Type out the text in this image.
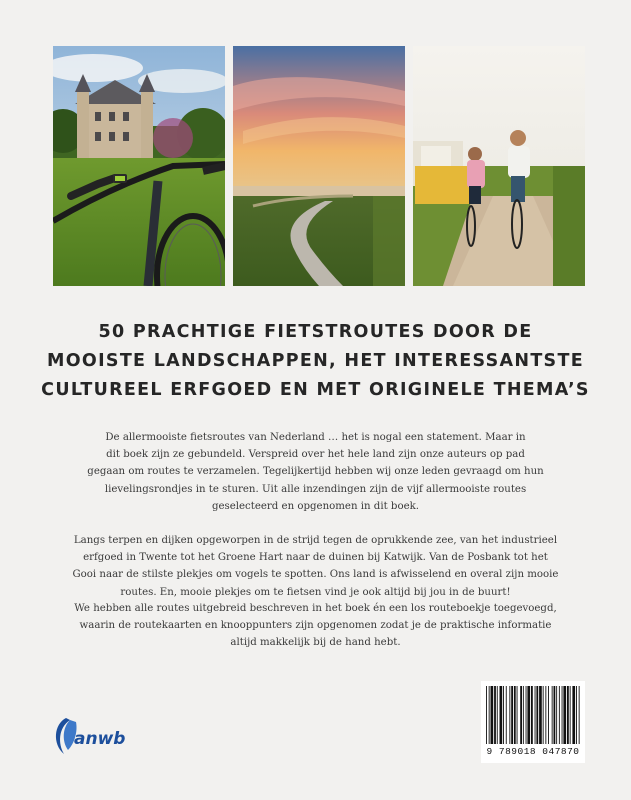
50 PRACHTIGE FIETSTROUTES DOOR DE
MOOISTE LANDSCHAPPEN, HET INTERESSANTSTE
CULTUREEL ERFGOED EN MET ORIGINELE THEMA’S
De allermooiste fietsroutes van Nederland … het is nogal een statement. Maar in
dit boek zijn ze gebundeld. Verspreid over het hele land zijn onze auteurs op pad
gegaan om routes te verzamelen. Tegelijkertijd hebben wij onze leden gevraagd om hun
lievelingsrondjes in te sturen. Uit alle inzendingen zijn de vijf allermooiste routes
geselecteerd en opgenomen in dit boek.
Langs terpen en dijken opgeworpen in de strijd tegen de oprukkende zee, van het industrieel
erfgoed in Twente tot het Groene Hart naar de duinen bij Katwijk. Van de Posbank tot het
Gooi naar de stilste plekjes om vogels te spotten. Ons land is afwisselend en overal zijn mooie
routes. En, mooie plekjes om te fietsen vind je ook altijd bij jou in de buurt!
We hebben alle routes uitgebreid beschreven in het boek én een los routeboekje toegevoegd,
waarin de routekaarten en knooppunters zijn opgenomen zodat je de praktische informatie
altijd makkelijk bij de hand hebt.
anwb
9 789018 047870
